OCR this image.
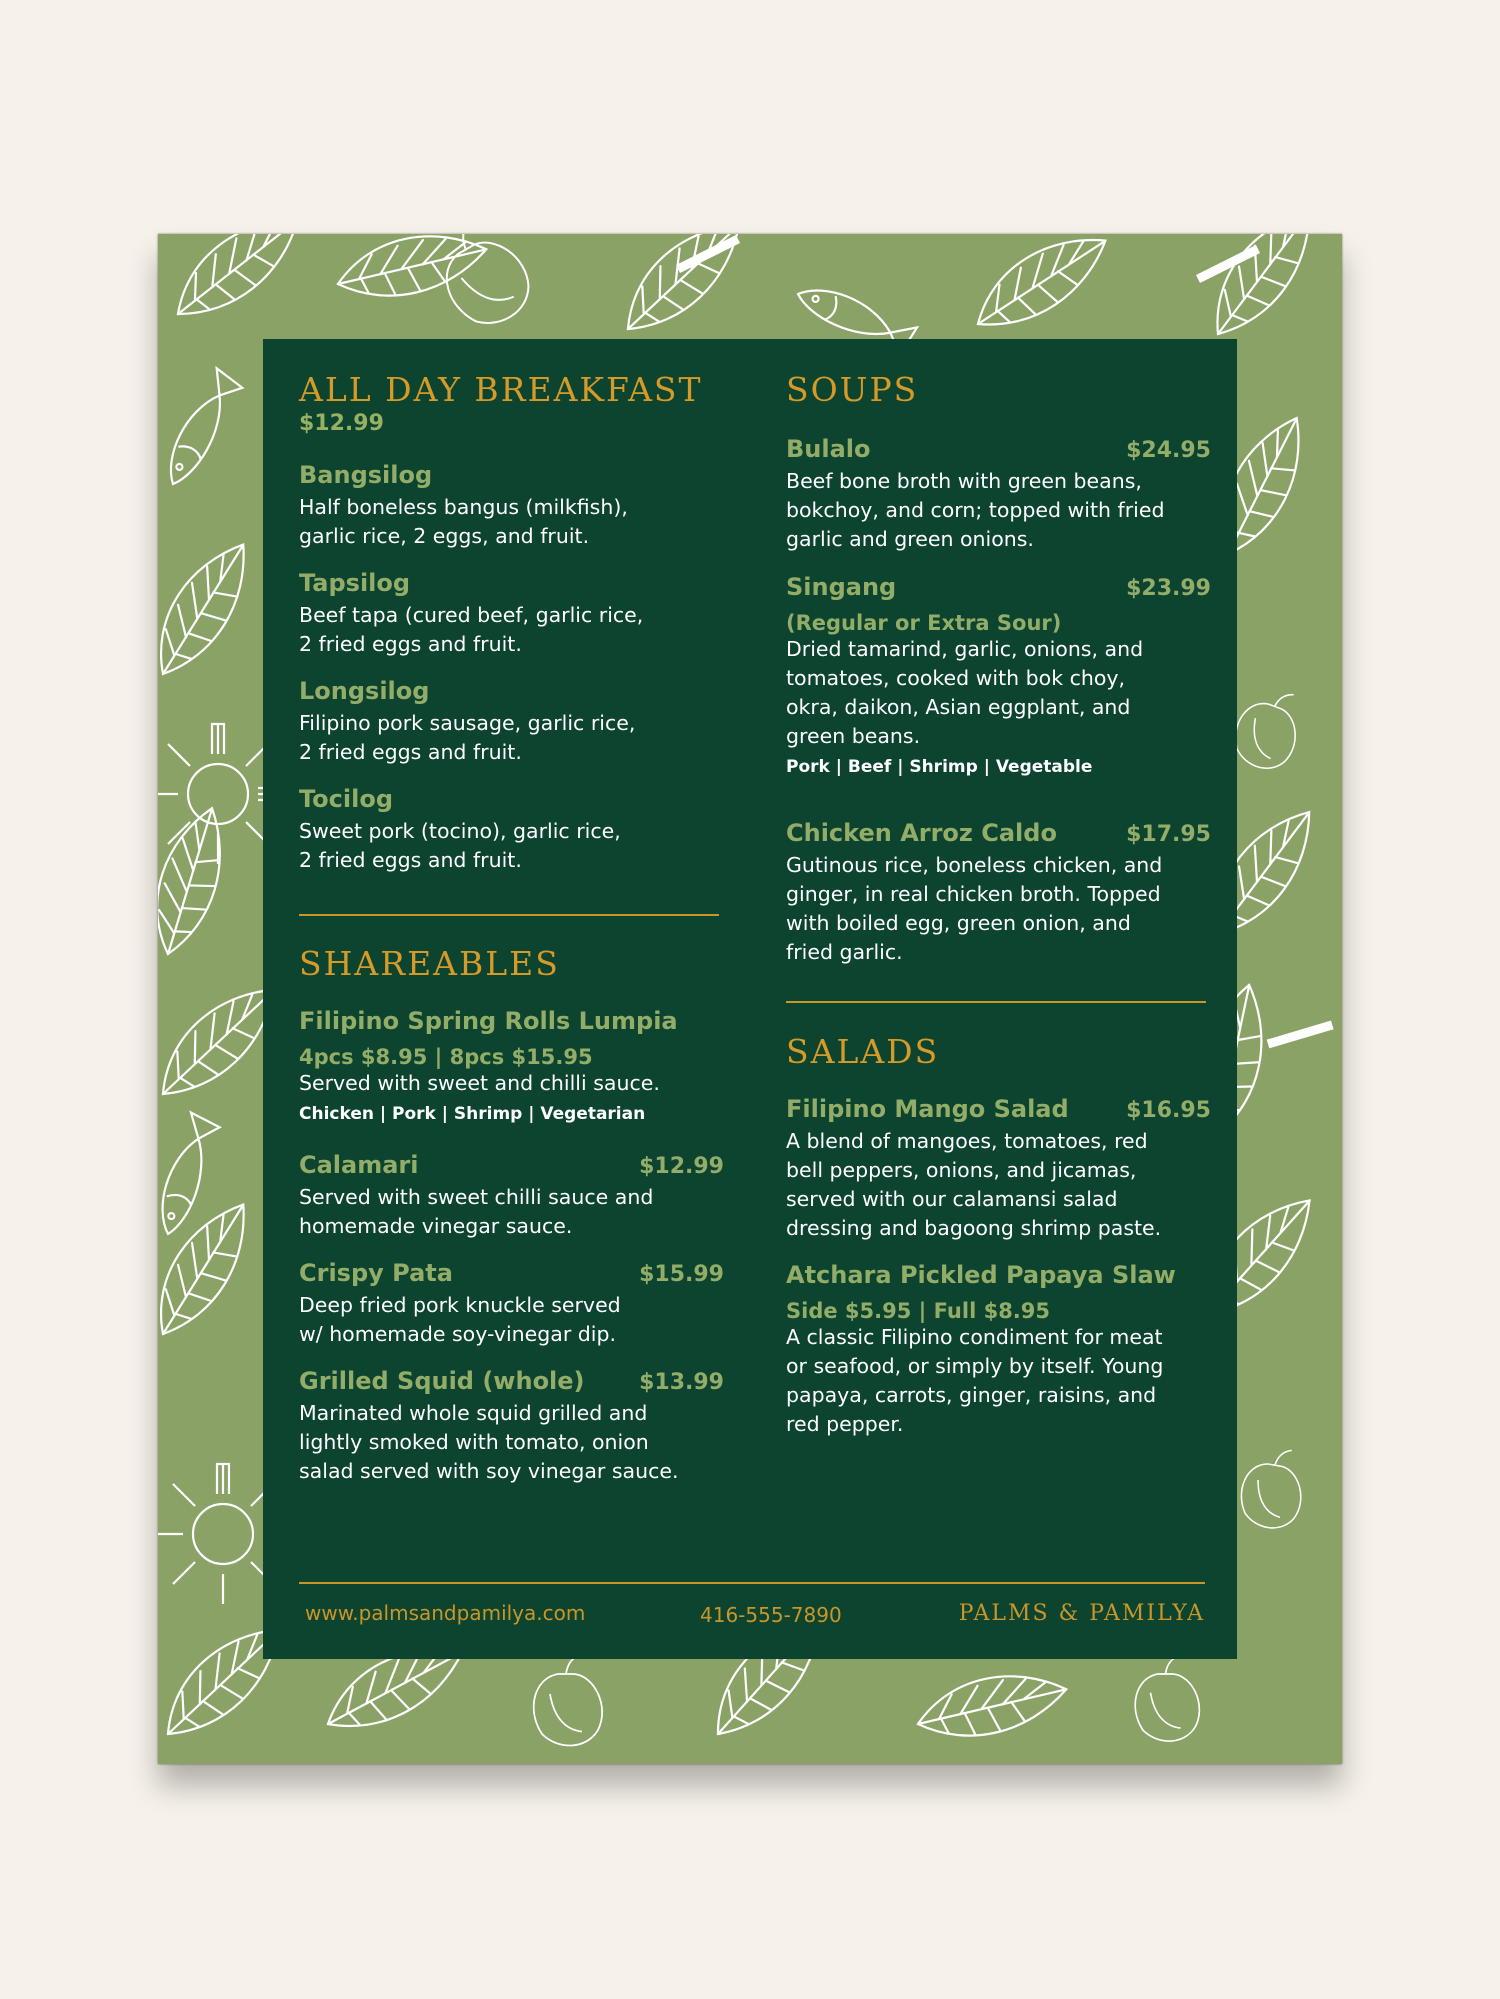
ALL DAY BREAKFAST
$12.99
Bangsilog

Half boneless bangus (milkfish),
garlic rice, 2 eggs, and fruit.

Tapsilog

Beef tapa (cured beef, garlic rice,
2 fried eggs and fruit.

Longsilog

Filipino pork sausage, garlic rice,
2 fried eggs and fruit.

Tocilog

Sweet pork (tocino), garlic rice,
2 fried eggs and fruit.

SHAREABLES
Filipino Spring Rolls Lumpia
4pcs $8.95 | 8pcs $15.95

Served with sweet and chilli sauce.

Chicken | Pork | Shrimp | Vegetarian
Calamari	$12.99

Served with sweet chilli sauce and
homemade vinegar sauce.

Crispy Pata	$15.99

Deep fried pork knuckle served
w/ homemade soy-vinegar dip.

Grilled Squid (whole) $13.99

Marinated whole squid grilled and
lightly smoked with tomato, onion
salad served with soy vinegar sauce.

SOUPS
Bulalo	$24.95

Beef bone broth with green beans,
bokchoy, and corn; topped with fried
garlic and green onions.

Singang	$23.99
(Regular or Extra Sour)

Dried tamarind, garlic, onions, and
tomatoes, cooked with bok choy,
okra, daikon, Asian eggplant, and
green beans.

Pork | Beef | Shrimp | Vegetable
Chicken Arroz Caldo	$17.95

Gutinous rice, boneless chicken, and
ginger, in real chicken broth. Topped
with boiled egg, green onion, and
fried garlic.

SALADS
Filipino Mango Salad	$16.95

A blend of mangoes, tomatoes, red
bell peppers, onions, and jicamas,
served with our calamansi salad
dressing and bagoong shrimp paste.

Atchara Pickled Papaya Slaw
Side $5.95 | Full $8.95

A classic Filipino condiment for meat
or seafood, or simply by itself. Young
papaya, carrots, ginger, raisins, and
red pepper.

www.palmsandpamilya.com	416-555-7890	PALMS & PAMILYA
